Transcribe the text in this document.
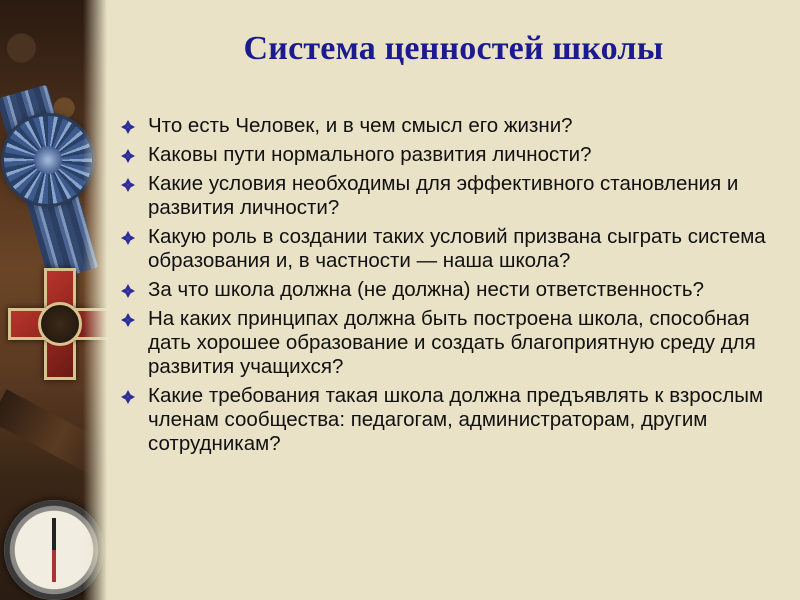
Система ценностей школы
Что есть Человек, и в чем смысл его жизни?
Каковы пути нормального развития личности?
Какие условия необходимы для эффективного становления и развития личности?
Какую роль в создании таких условий призвана сыграть система образования и, в частности — наша школа?
За что школа должна (не должна) нести ответственность?
На каких принципах должна быть построена школа, способная дать хорошее образование и создать благоприятную среду для развития учащихся?
Какие требования такая школа должна предъявлять к взрослым членам сообщества: педагогам, администраторам, другим сотрудникам?
